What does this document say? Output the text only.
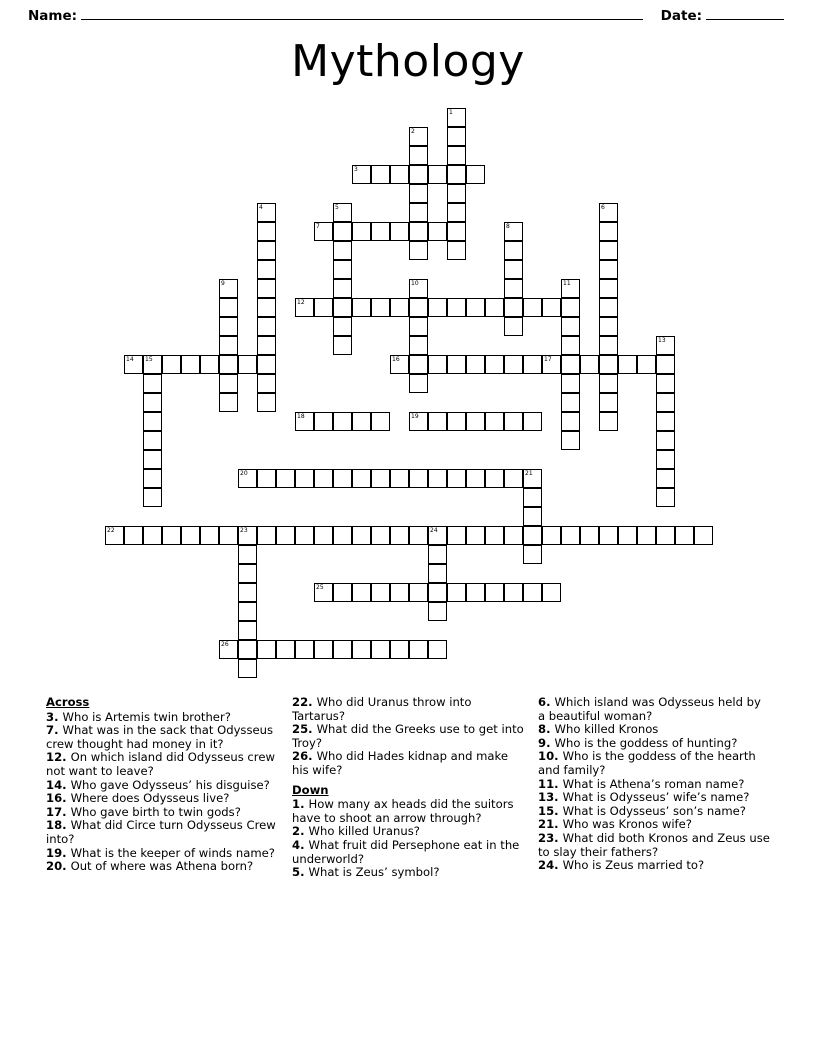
Name:	Date:
Mythology
1
2
3
4	5	6
7	8
9	10	11
12
13
14 15	16	17
18	19
20	21
22	23	24
25
26
Across
3. Who is Artemis twin brother?
7. What was in the sack that Odysseus crew thought had money in it?
12. On which island did Odysseus crew not want to leave?
14. Who gave Odysseus’ his disguise?
16. Where does Odysseus live?
17. Who gave birth to twin gods?
18. What did Circe turn Odysseus Crew into?
19. What is the keeper of winds name?
20. Out of where was Athena born?
22. Who did Uranus throw into Tartarus?
25. What did the Greeks use to get into Troy?
26. Who did Hades kidnap and make his wife?
Down
1. How many ax heads did the suitors have to shoot an arrow through?
2. Who killed Uranus?
4. What fruit did Persephone eat in the underworld?
5. What is Zeus’ symbol?
6. Which island was Odysseus held by a beautiful woman?
8. Who killed Kronos
9. Who is the goddess of hunting?
10. Who is the goddess of the hearth and family?
11. What is Athena’s roman name?
13. What is Odysseus’ wife’s name?
15. What is Odysseus’ son’s name?
21. Who was Kronos wife?
23. What did both Kronos and Zeus use to slay their fathers?
24. Who is Zeus married to?
